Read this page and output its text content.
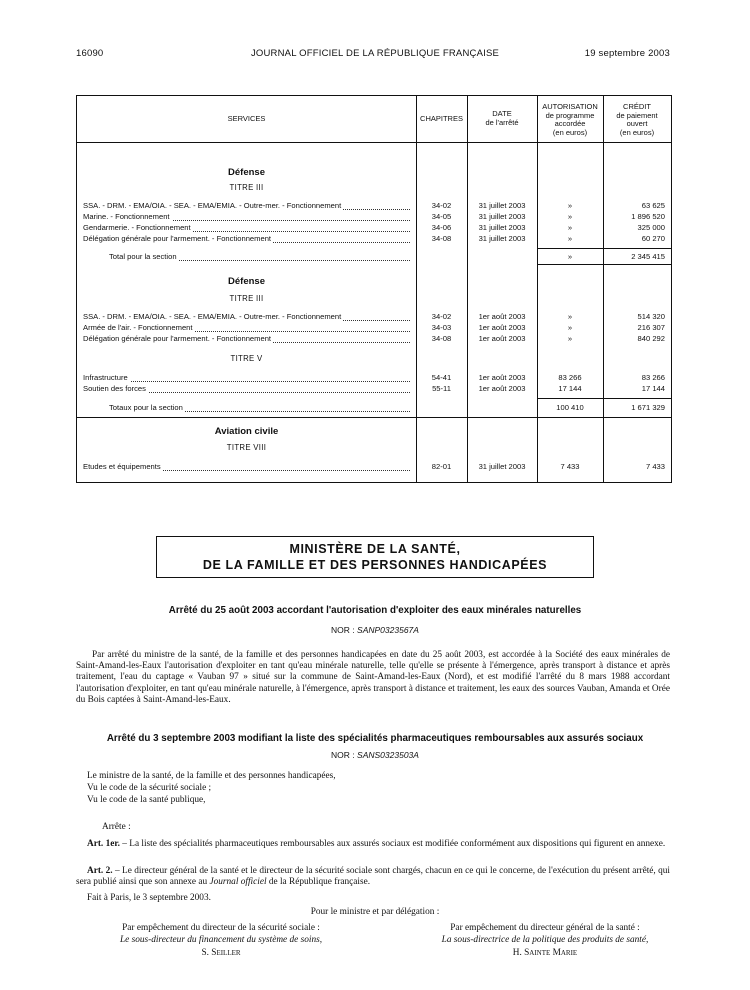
16090	JOURNAL OFFICIEL DE LA RÉPUBLIQUE FRANÇAISE	19 septembre 2003
SERVICES	CHAPITRES
DATE
de l'arrêté
AUTORISATION
de programme
accordée
(en euros)
CRÉDIT
de paiement
ouvert
(en euros)
Défense
TITRE III
SSA. - DRM. - EMA/OIA. - SEA. - EMA/EMIA. - Outre-mer. - Fonctionnement	34-02	31 juillet 2003	»	63 625
Marine. - Fonctionnement	34-05	31 juillet 2003	»	1 896 520
Gendarmerie. - Fonctionnement	34-06	31 juillet 2003	»	325 000
Délégation générale pour l'armement. - Fonctionnement	34-08	31 juillet 2003	»	60 270
Total pour la section	»	2 345 415
Défense
TITRE III
SSA. - DRM. - EMA/OIA. - SEA. - EMA/EMIA. - Outre-mer. - Fonctionnement	34-02	1er août 2003	»	514 320
Armée de l'air. - Fonctionnement	34-03	1er août 2003	»	216 307
Délégation générale pour l'armement. - Fonctionnement	34-08	1er août 2003	»	840 292
TITRE V
Infrastructure	54-41	1er août 2003	83 266	83 266
Soutien des forces	55-11	1er août 2003	17 144	17 144
Totaux pour la section	100 410	1 671 329
Aviation civile
TITRE VIII
Etudes et équipements	82-01	31 juillet 2003	7 433	7 433
MINISTÈRE DE LA SANTÉ,
DE LA FAMILLE ET DES PERSONNES HANDICAPÉES
Arrêté du 25 août 2003 accordant l'autorisation d'exploiter des eaux minérales naturelles
NOR : SANP0323567A
Par arrêté du ministre de la santé, de la famille et des personnes handicapées en date du 25 août 2003, est accordée à la Société des eaux minérales de Saint-Amand-les-Eaux l'autorisation d'exploiter en tant qu'eau minérale naturelle, telle qu'elle se présente à l'émergence, après transport à distance et après traitement, l'eau du captage « Vauban 97 » situé sur la commune de Saint-Amand-les-Eaux (Nord), et est modifié l'arrêté du 8 mars 1988 accordant l'autorisation d'exploiter, en tant qu'eau minérale naturelle, à l'émergence, après transport à distance et traitement, les eaux des sources Vauban, Amanda et Orée du Bois captées à Saint-Amand-les-Eaux.
Arrêté du 3 septembre 2003 modifiant la liste des spécialités pharmaceutiques remboursables aux assurés sociaux
NOR : SANS0323503A
Le ministre de la santé, de la famille et des personnes handicapées,
Vu le code de la sécurité sociale ;
Vu le code de la santé publique,
Arrête :
Art. 1er. – La liste des spécialités pharmaceutiques remboursables aux assurés sociaux est modifiée conformément aux dispositions qui figurent en annexe.
Art. 2. – Le directeur général de la santé et le directeur de la sécurité sociale sont chargés, chacun en ce qui le concerne, de l'exécution du présent arrêté, qui sera publié ainsi que son annexe au Journal officiel de la République française.
Fait à Paris, le 3 septembre 2003.
Pour le ministre et par délégation :
Par empêchement du directeur de la sécurité sociale :
Le sous-directeur du financement du système de soins,
S. Seiller
Par empêchement du directeur général de la santé :
La sous-directrice de la politique des produits de santé,
H. Sainte Marie
